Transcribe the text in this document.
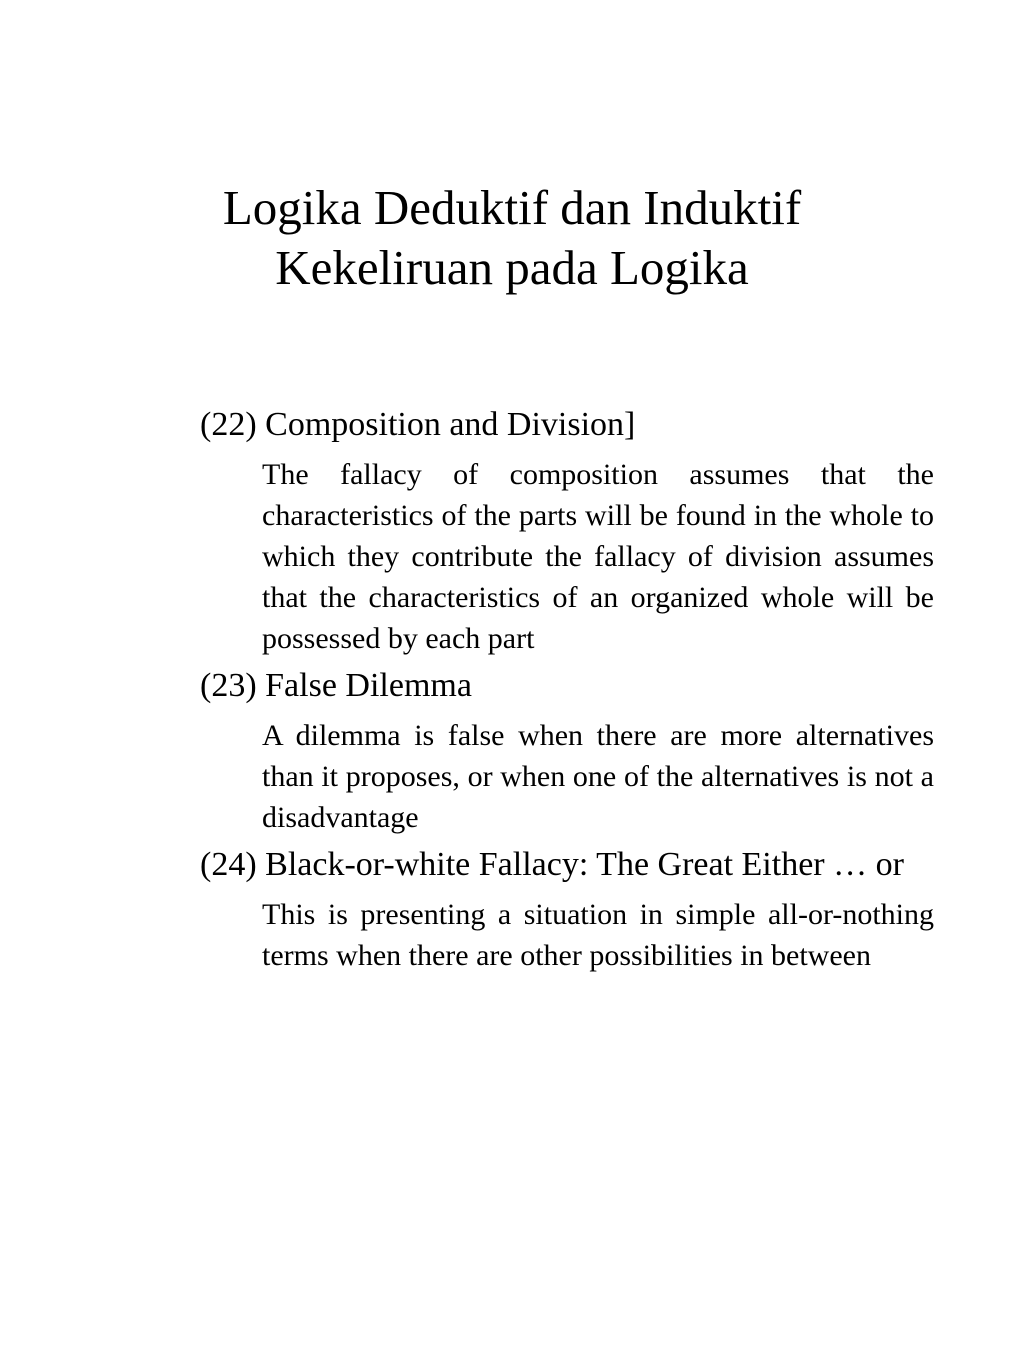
Logika Deduktif dan Induktif
Kekeliruan pada Logika

(22) Composition and Division]

The fallacy of composition assumes that the characteristics of the parts will be found in the whole to which they contribute the fallacy of division assumes that the characteristics of an organized whole will be possessed by each part

(23) False Dilemma

A dilemma is false when there are more alternatives than it proposes, or when one of the alternatives is not a disadvantage

(24) Black-or-white Fallacy: The Great Either … or

This is presenting a situation in simple all-or-nothing terms when there are other possibilities in between
